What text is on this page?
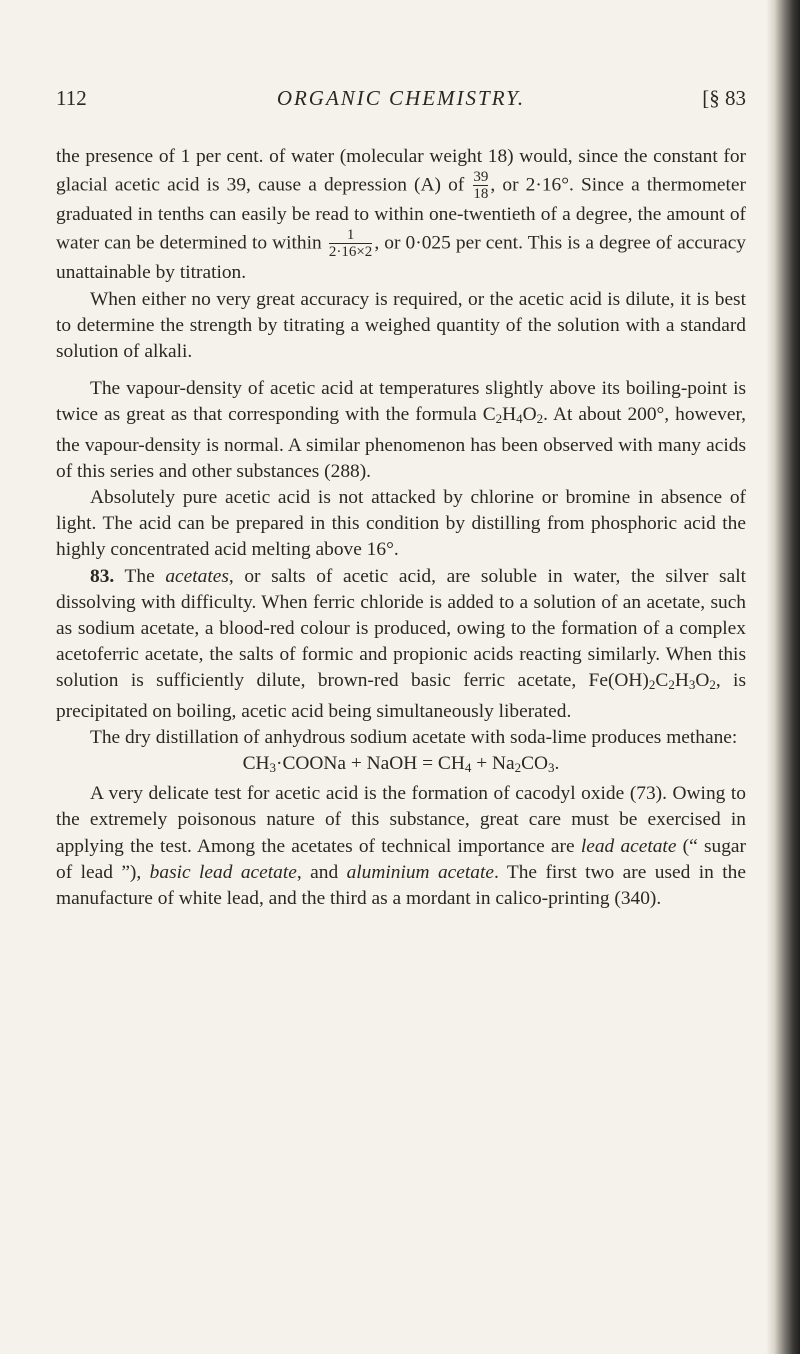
112	ORGANIC CHEMISTRY.	[§ 83

the presence of 1 per cent. of water (molecular weight 18) would, since the constant for glacial acetic acid is 39, cause a depression (A) of $\frac{39}{18}$ , or 2·16°. Since a thermometer graduated in tenths can easily be read to within one-twentieth of a degree, the amount of water can be determined to within $\frac{1}{2\cdot 16\times 2}$ , or 0·025 per cent. This is a degree of accuracy unattainable by titration.

When either no very great accuracy is required, or the acetic acid is dilute, it is best to determine the strength by titrating a weighed quantity of the solution with a standard solution of alkali.

The vapour-density of acetic acid at temperatures slightly above its boiling-point is twice as great as that corresponding with the formula $C_2H_4O_2$. At about 200°, however, the vapour-density is normal. A similar phenomenon has been observed with many acids of this series and other substances (288).

Absolutely pure acetic acid is not attacked by chlorine or bromine in absence of light. The acid can be prepared in this condition by distilling from phosphoric acid the highly concentrated acid melting above 16°.

83. The acetates, or salts of acetic acid, are soluble in water, the silver salt dissolving with difficulty. When ferric chloride is added to a solution of an acetate, such as sodium acetate, a blood-red colour is produced, owing to the formation of a complex acetoferric acetate, the salts of formic and propionic acids reacting similarly. When this solution is sufficiently dilute, brown-red basic ferric acetate, $Fe(OH)_2C_2H_3O_2$, is precipitated on boiling, acetic acid being simultaneously liberated.

The dry distillation of anhydrous sodium acetate with soda-lime produces methane:

$CH_3\cdot COONa$ + NaOH = $CH_4 + Na_2CO_3$.

A very delicate test for acetic acid is the formation of cacodyl oxide (73). Owing to the extremely poisonous nature of this substance, great care must be exercised in applying the test. Among the acetates of technical importance are lead acetate (“ sugar of lead ”), basic lead acetate, and aluminium acetate. The first two are used in the manufacture of white lead, and the third as a mordant in calico-printing (340).
